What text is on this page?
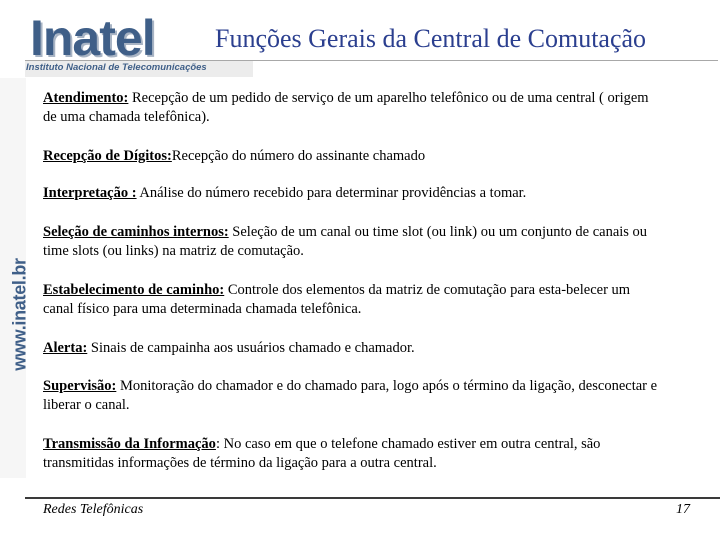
Inatel
Instituto Nacional de Telecomunicações
Funções Gerais da Central de Comutação
www.inatel.br
Atendimento: Recepção de um pedido de serviço de um aparelho telefônico ou de uma central ( origem de uma chamada telefônica).
Recepção de Dígitos:Recepção do número do assinante chamado
Interpretação : Análise do número recebido para determinar providências a tomar.
Seleção de caminhos internos: Seleção de um canal ou time slot (ou link) ou um conjunto de canais ou time slots (ou links) na matriz de comutação.
Estabelecimento de caminho: Controle dos elementos da matriz de comutação para esta-belecer um canal físico para uma determinada chamada telefônica.
Alerta: Sinais de campainha aos usuários chamado e chamador.
Supervisão: Monitoração do chamador e do chamado para, logo após o término da ligação, desconectar e liberar o canal.
Transmissão da Informação: No caso em que o telefone chamado estiver em outra central, são transmitidas informações de término da ligação para a outra central.
Redes Telefônicas	17
